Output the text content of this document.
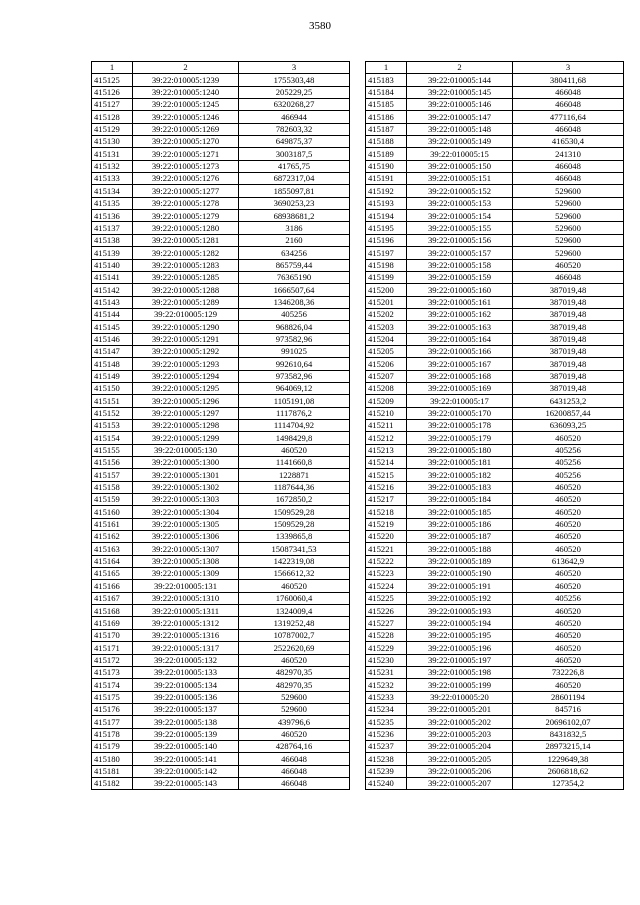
3580
1	2	3
415125	39:22:010005:1239	1755303,48
415126	39:22:010005:1240	205229,25
415127	39:22:010005:1245	6320268,27
415128	39:22:010005:1246	466944
415129	39:22:010005:1269	782603,32
415130	39:22:010005:1270	649875,37
415131	39:22:010005:1271	3003187,5
415132	39:22:010005:1273	41765,75
415133	39:22:010005:1276	6872317,04
415134	39:22:010005:1277	1855097,81
415135	39:22:010005:1278	3690253,23
415136	39:22:010005:1279	68938681,2
415137	39:22:010005:1280	3186
415138	39:22:010005:1281	2160
415139	39:22:010005:1282	634256
415140	39:22:010005:1283	865759,44
415141	39:22:010005:1285	76365190
415142	39:22:010005:1288	1666507,64
415143	39:22:010005:1289	1346208,36
415144	39:22:010005:129	405256
415145	39:22:010005:1290	968826,04
415146	39:22:010005:1291	973582,96
415147	39:22:010005:1292	991025
415148	39:22:010005:1293	992610,64
415149	39:22:010005:1294	973582,96
415150	39:22:010005:1295	964069,12
415151	39:22:010005:1296	1105191,08
415152	39:22:010005:1297	1117876,2
415153	39:22:010005:1298	1114704,92
415154	39:22:010005:1299	1498429,8
415155	39:22:010005:130	460520
415156	39:22:010005:1300	1141660,8
415157	39:22:010005:1301	1228871
415158	39:22:010005:1302	1187644,36
415159	39:22:010005:1303	1672850,2
415160	39:22:010005:1304	1509529,28
415161	39:22:010005:1305	1509529,28
415162	39:22:010005:1306	1339865,8
415163	39:22:010005:1307	15087341,53
415164	39:22:010005:1308	1422319,08
415165	39:22:010005:1309	1566612,32
415166	39:22:010005:131	460520
415167	39:22:010005:1310	1760060,4
415168	39:22:010005:1311	1324009,4
415169	39:22:010005:1312	1319252,48
415170	39:22:010005:1316	10787002,7
415171	39:22:010005:1317	2522620,69
415172	39:22:010005:132	460520
415173	39:22:010005:133	482970,35
415174	39:22:010005:134	482970,35
415175	39:22:010005:136	529600
415176	39:22:010005:137	529600
415177	39:22:010005:138	439796,6
415178	39:22:010005:139	460520
415179	39:22:010005:140	428764,16
415180	39:22:010005:141	466048
415181	39:22:010005:142	466048
415182	39:22:010005:143	466048
1	2	3
415183	39:22:010005:144	380411,68
415184	39:22:010005:145	466048
415185	39:22:010005:146	466048
415186	39:22:010005:147	477116,64
415187	39:22:010005:148	466048
415188	39:22:010005:149	416530,4
415189	39:22:010005:15	241310
415190	39:22:010005:150	466048
415191	39:22:010005:151	466048
415192	39:22:010005:152	529600
415193	39:22:010005:153	529600
415194	39:22:010005:154	529600
415195	39:22:010005:155	529600
415196	39:22:010005:156	529600
415197	39:22:010005:157	529600
415198	39:22:010005:158	460520
415199	39:22:010005:159	466048
415200	39:22:010005:160	387019,48
415201	39:22:010005:161	387019,48
415202	39:22:010005:162	387019,48
415203	39:22:010005:163	387019,48
415204	39:22:010005:164	387019,48
415205	39:22:010005:166	387019,48
415206	39:22:010005:167	387019,48
415207	39:22:010005:168	387019,48
415208	39:22:010005:169	387019,48
415209	39:22:010005:17	6431253,2
415210	39:22:010005:170	16200857,44
415211	39:22:010005:178	636093,25
415212	39:22:010005:179	460520
415213	39:22:010005:180	405256
415214	39:22:010005:181	405256
415215	39:22:010005:182	405256
415216	39:22:010005:183	460520
415217	39:22:010005:184	460520
415218	39:22:010005:185	460520
415219	39:22:010005:186	460520
415220	39:22:010005:187	460520
415221	39:22:010005:188	460520
415222	39:22:010005:189	613642,9
415223	39:22:010005:190	460520
415224	39:22:010005:191	460520
415225	39:22:010005:192	405256
415226	39:22:010005:193	460520
415227	39:22:010005:194	460520
415228	39:22:010005:195	460520
415229	39:22:010005:196	460520
415230	39:22:010005:197	460520
415231	39:22:010005:198	732226,8
415232	39:22:010005:199	460520
415233	39:22:010005:20	28601194
415234	39:22:010005:201	845716
415235	39:22:010005:202	20696102,07
415236	39:22:010005:203	8431832,5
415237	39:22:010005:204	28973215,14
415238	39:22:010005:205	1229649,38
415239	39:22:010005:206	2606818,62
415240	39:22:010005:207	127354,2
